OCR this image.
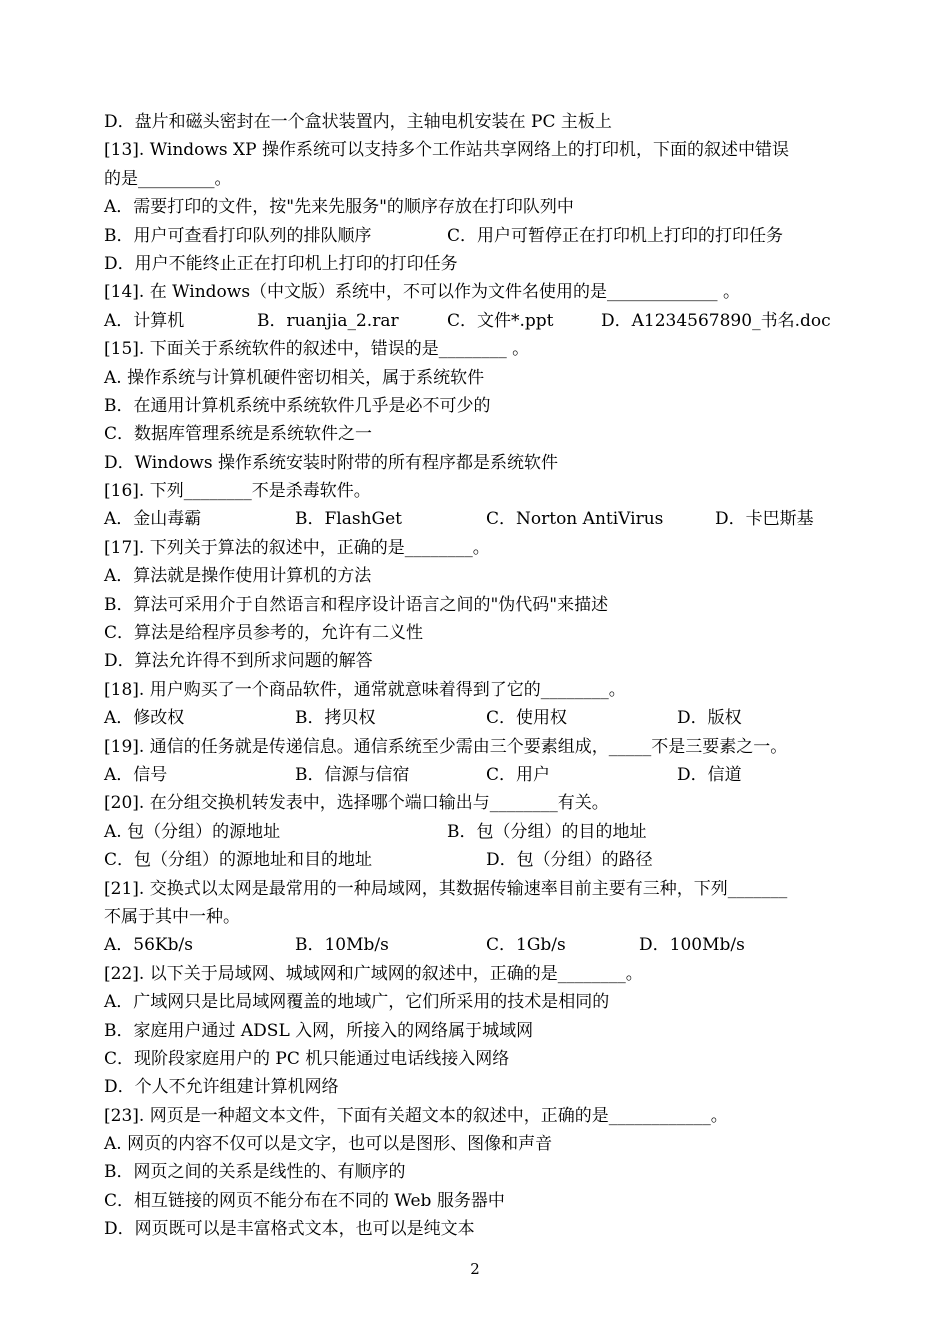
D．盘片和磁头密封在一个盒状装置内，主轴电机安装在 PC 主板上
[13]. Windows XP 操作系统可以支持多个工作站共享网络上的打印机，下面的叙述中错误
的是_________。
A．需要打印的文件，按"先来先服务"的顺序存放在打印队列中
B．用户可查看打印队列的排队顺序	C．用户可暂停正在打印机上打印的打印任务
D．用户不能终止正在打印机上打印的打印任务
[14]. 在 Windows（中文版）系统中，不可以作为文件名使用的是_____________ 。
A．计算机	B．ruanjia_2.rar	C．文件*.ppt	D．A1234567890_书名.doc
[15]. 下面关于系统软件的叙述中，错误的是________ 。
A. 操作系统与计算机硬件密切相关，属于系统软件
B．在通用计算机系统中系统软件几乎是必不可少的
C．数据库管理系统是系统软件之一
D．Windows 操作系统安装时附带的所有程序都是系统软件
[16]. 下列________不是杀毒软件。
A．金山毒霸	B．FlashGet	C．Norton AntiVirus	D．卡巴斯基
[17]. 下列关于算法的叙述中，正确的是________。
A．算法就是操作使用计算机的方法
B．算法可采用介于自然语言和程序设计语言之间的"伪代码"来描述
C．算法是给程序员参考的，允许有二义性
D．算法允许得不到所求问题的解答
[18]. 用户购买了一个商品软件，通常就意味着得到了它的________。
A．修改权	B．拷贝权	C．使用权	D．版权
[19]. 通信的任务就是传递信息。通信系统至少需由三个要素组成，_____不是三要素之一。
A．信号	B．信源与信宿	C．用户	D．信道
[20]. 在分组交换机转发表中，选择哪个端口输出与________有关。
A. 包（分组）的源地址	B．包（分组）的目的地址
C．包（分组）的源地址和目的地址	D．包（分组）的路径
[21]. 交换式以太网是最常用的一种局域网，其数据传输速率目前主要有三种，下列_______
不属于其中一种。
A．56Kb/s	B．10Mb/s	C．1Gb/s	D．100Mb/s
[22]. 以下关于局域网、城域网和广域网的叙述中，正确的是________。
A．广域网只是比局域网覆盖的地域广，它们所采用的技术是相同的
B．家庭用户通过 ADSL 入网，所接入的网络属于城域网
C．现阶段家庭用户的 PC 机只能通过电话线接入网络
D．个人不允许组建计算机网络
[23]. 网页是一种超文本文件，下面有关超文本的叙述中，正确的是____________。
A. 网页的内容不仅可以是文字，也可以是图形、图像和声音
B．网页之间的关系是线性的、有顺序的
C．相互链接的网页不能分布在不同的 Web 服务器中
D．网页既可以是丰富格式文本，也可以是纯文本
2
